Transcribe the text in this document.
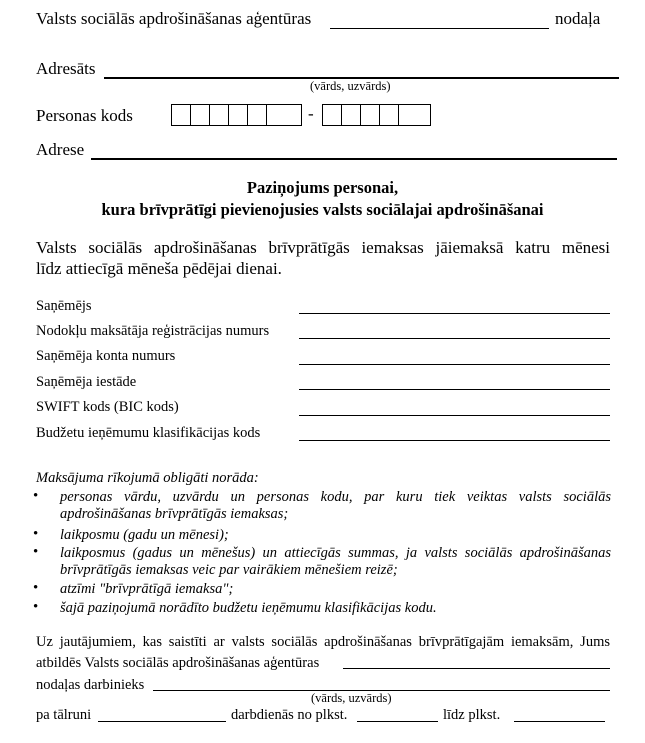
Valsts sociālās apdrošināšanas aģentūras	nodaļa
Adresāts
(vārds, uzvārds)
Personas kods	-
Adrese
Paziņojums personai,
kura brīvprātīgi pievienojusies valsts sociālajai apdrošināšanai
Valsts sociālās apdrošināšanas brīvprātīgās iemaksas jāiemaksā katru mēnesi
līdz attiecīgā mēneša pēdējai dienai.
Saņēmējs
Nodokļu maksātāja reģistrācijas numurs
Saņēmēja konta numurs
Saņēmēja iestāde
SWIFT kods (BIC kods)
Budžetu ieņēmumu klasifikācijas kods
Maksājuma rīkojumā obligāti norāda:
• personas vārdu, uzvārdu un personas kodu, par kuru tiek veiktas valsts sociālās
apdrošināšanas brīvprātīgās iemaksas;
• laikposmu (gadu un mēnesi);
• laikposmus (gadus un mēnešus) un attiecīgās summas, ja valsts sociālās apdrošināšanas
brīvprātīgās iemaksas veic par vairākiem mēnešiem reizē;
• atzīmi "brīvprātīgā iemaksa";
• šajā paziņojumā norādīto budžetu ieņēmumu klasifikācijas kodu.
Uz jautājumiem, kas saistīti ar valsts sociālās apdrošināšanas brīvprātīgajām iemaksām, Jums
atbildēs Valsts sociālās apdrošināšanas aģentūras
nodaļas darbinieks
(vārds, uzvārds)
pa tālruni	darbdienās no plkst.	līdz plkst.
